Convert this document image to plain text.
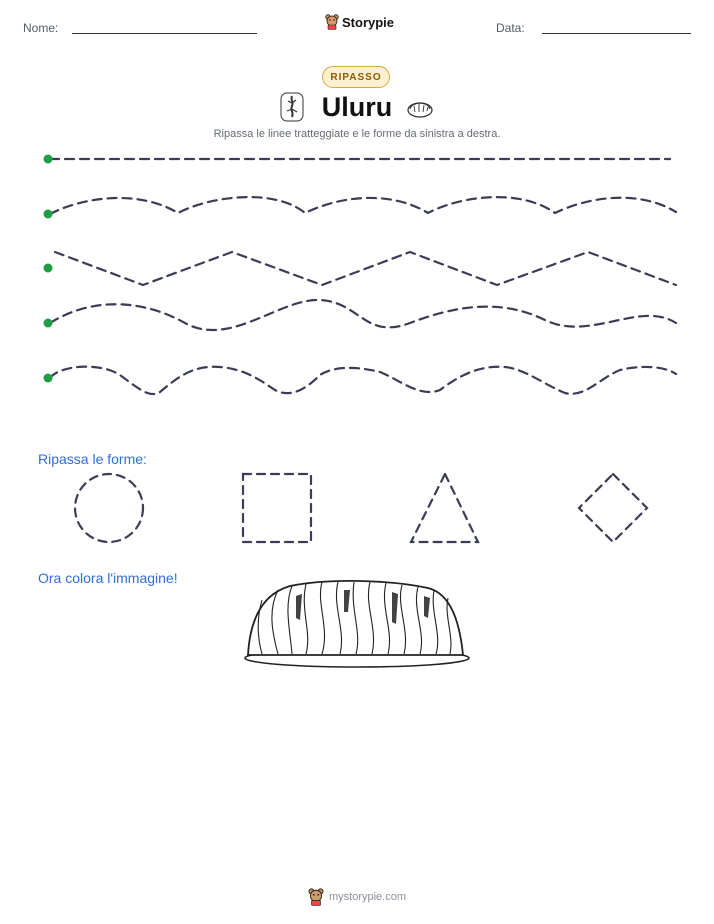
Nome:	Storypie	Data:
RIPASSO
Uluru
Ripassa le linee tratteggiate e le forme da sinistra a destra.
Ripassa le forme:
Ora colora l'immagine!
mystorypie.com
